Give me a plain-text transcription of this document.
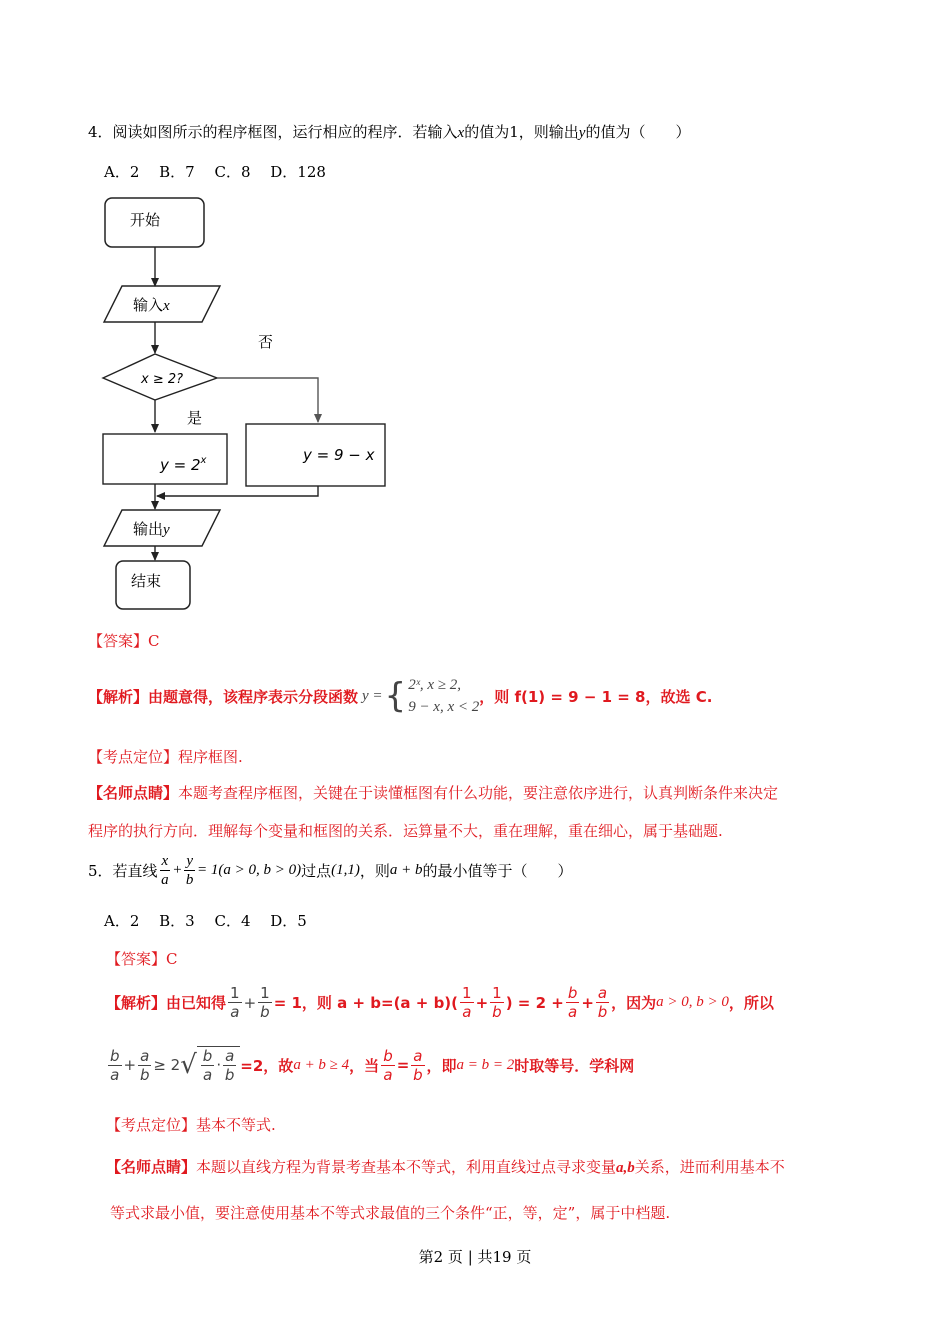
4．阅读如图所示的程序框图，运行相应的程序．若输入x的值为1，则输出y的值为（　　）
A．2　 B．7　 C．8　 D．128
开始
输入x
x ≥ 2?
否
是
$y = 2^x$	y = 9 − x
输出y
结束
【答案】C
【解析】由题意得，该程序表示分段函数 y = { 2ˣ, x ≥ 2,
9 − x, x < 2
，则 f(1) = 9 − 1 = 8，故选 C.
【考点定位】程序框图.
【名师点睛】本题考查程序框图，关键在于读懂框图有什么功能，要注意依序进行，认真判断条件来决定
程序的执行方向．理解每个变量和框图的关系．运算量不大，重在理解，重在细心，属于基础题.
5．若直线 $\frac{x}{a} + \frac{y}{b} = 1(a > 0$, b > 0) 过点 (1,1) ，则 a + b 的最小值等于（　　）
A．2　 B．3　 C．4　 D．5
【答案】C
【解析】由已知得 $\frac{1}{a} + \frac{1}{b} = 1$，则 $a + b=(a + b)( \frac{1}{a} + \frac{1}{b}$ ) = $2 + \frac{b}{a} + \frac{a}{b}$ ，因为 a > 0, b > 0 ，所以
$\frac{b}{a} + \frac{a}{b} \ge 2$ √ $\frac{b}{a} \cdot \frac{a}{b} =2$，故 a + b ≥ 4 ，当 $\frac{b}{a} = \frac{a}{b}$ ，即 a = b = 2 时取等号．学科网
【考点定位】基本不等式.
【名师点睛】本题以直线方程为背景考查基本不等式，利用直线过点寻求变量a,b关系，进而利用基本不
等式求最小值，要注意使用基本不等式求最值的三个条件“正，等，定”，属于中档题.
第2 页 | 共19 页
